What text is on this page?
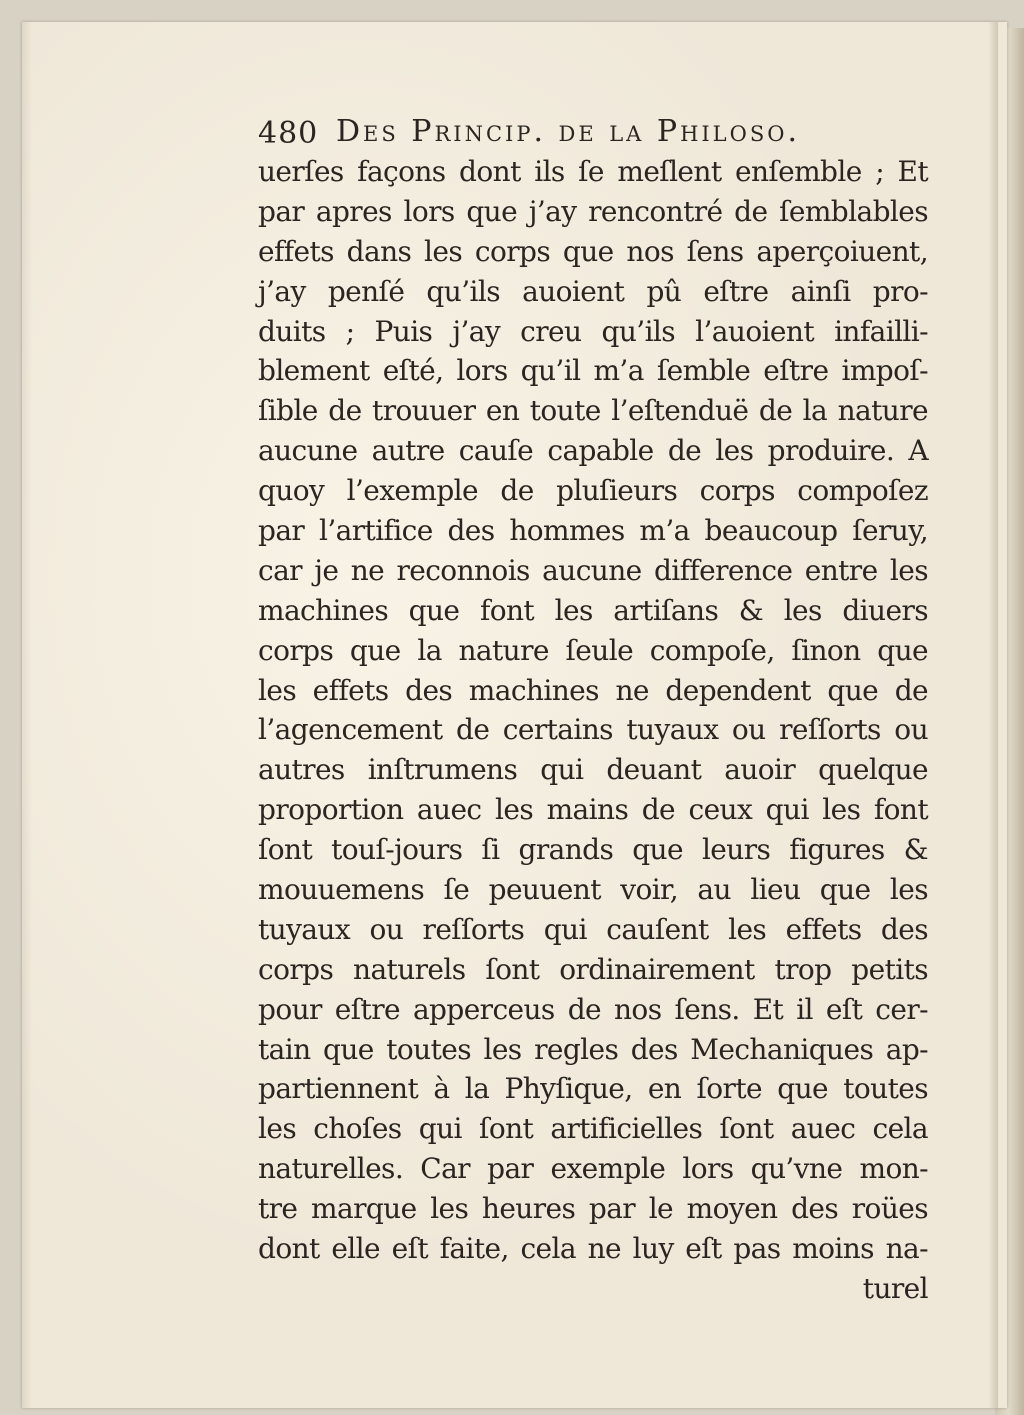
480 Des Princip. de la Philoso.
uerſes façons dont ils ſe meſlent enſemble ; Et
par apres lors que j’ay rencontré de ſemblables
effets dans les corps que nos ſens aperçoiuent,
j’ay penſé qu’ils auoient pû eſtre ainſi pro-
duits ; Puis j’ay creu qu’ils l’auoient infailli-
blement eſté, lors qu’il m’a ſemble eſtre impoſ-
ſible de trouuer en toute l’eſtenduë de la nature
aucune autre cauſe capable de les produire. A
quoy l’exemple de pluſieurs corps compoſez
par l’artifice des hommes m’a beaucoup ſeruy,
car je ne reconnois aucune difference entre les
machines que font les artiſans & les diuers
corps que la nature ſeule compoſe, ſinon que
les effets des machines ne dependent que de
l’agencement de certains tuyaux ou reſſorts ou
autres inſtrumens qui deuant auoir quelque
proportion auec les mains de ceux qui les font
ſont touſ-jours ſi grands que leurs figures &
mouuemens ſe peuuent voir, au lieu que les
tuyaux ou reſſorts qui cauſent les effets des
corps naturels ſont ordinairement trop petits
pour eſtre apperceus de nos ſens. Et il eſt cer-
tain que toutes les regles des Mechaniques ap-
partiennent à la Phyſique, en ſorte que toutes
les choſes qui ſont artificielles ſont auec cela
naturelles. Car par exemple lors qu’vne mon-
tre marque les heures par le moyen des roües
dont elle eſt faite, cela ne luy eſt pas moins na-
turel
